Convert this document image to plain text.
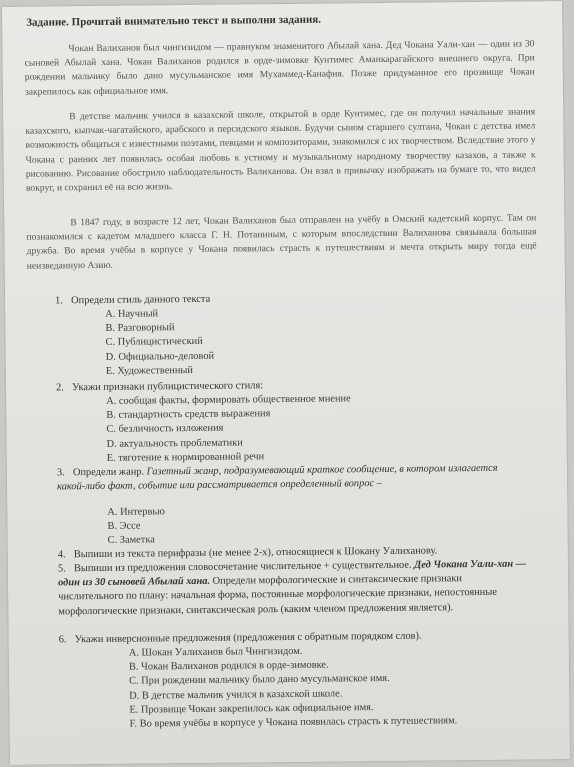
Задание. Прочитай внимательно текст и выполни задания.
Чокан Валиханов был чингизидом — правнуком знаменитого Абылай хана. Дед Чокана Уали-хан — один из 30 сыновей Абылай хана. Чокан Валиханов родился в орде-зимовке Кунтимес Аманкарагайского внешнего округа. При рождении мальчику было дано мусульманское имя Мухаммед-Канафия. Позже придуманное его прозвище Чокан закрепилось как официальное имя.
В детстве мальчик учился в казахской школе, открытой в орде Кунтимес, где он получил начальные знания казахского, кыпчак-чагатайского, арабского и персидского языков. Будучи сыном старшего султана, Чокан с детства имел возможность общаться с известными поэтами, певцами и композиторами, знакомился с их творчеством. Вследствие этого у Чокана с ранних лет появилась особая любовь к устному и музыкальному народному творчеству казахов, а также к рисованию. Рисование обострило наблюдательность Валиханова. Он взял в привычку изображать на бумаге то, что видел вокруг, и сохранил её на всю жизнь.
В 1847 году, в возрасте 12 лет, Чокан Валиханов был отправлен на учёбу в Омский кадетский корпус. Там он познакомился с кадетом младшего класса Г. Н. Потаниным, с которым впоследствии Валиханова связывала большая дружба. Во время учёбы в корпусе у Чокана появилась страсть к путешествиям и мечта открыть миру тогда ещё неизведанную Азию.
1. Определи стиль данного текста
A. Научный
B. Разговорный
C. Публицистический
D. Официально-деловой
E. Художественный
2. Укажи признаки публицистического стиля:
A. сообщая факты, формировать общественное мнение
B. стандартность средств выражения
C. безличность изложения
D. актуальность проблематики
E. тяготение к нормированной речи
3. Определи жанр. Газетный жанр, подразумевающий краткое сообщение, в котором излагается какой-либо факт, событие или рассматривается определенный вопрос –
A. Интервью
B. Эссе
C. Заметка
4. Выпиши из текста перифразы (не менее 2-х), относящиеся к Шокану Уалиханову.
5. Выпиши из предложения словосочетание числительное + существительное. Дед Чокана Уали-хан — один из 30 сыновей Абылай хана. Определи морфологические и синтаксические признаки числительного по плану: начальная форма, постоянные морфологические признаки, непостоянные морфологические признаки, синтаксическая роль (каким членом предложения является).
6. Укажи инверсионные предложения (предложения с обратным порядком слов).
A. Шокан Уалиханов был Чингизидом.
B. Чокан Валиханов родился в орде-зимовке.
C. При рождении мальчику было дано мусульманское имя.
D. В детстве мальчик учился в казахской школе.
E. Прозвище Чокан закрепилось как официальное имя.
F. Во время учёбы в корпусе у Чокана появилась страсть к путешествиям.
